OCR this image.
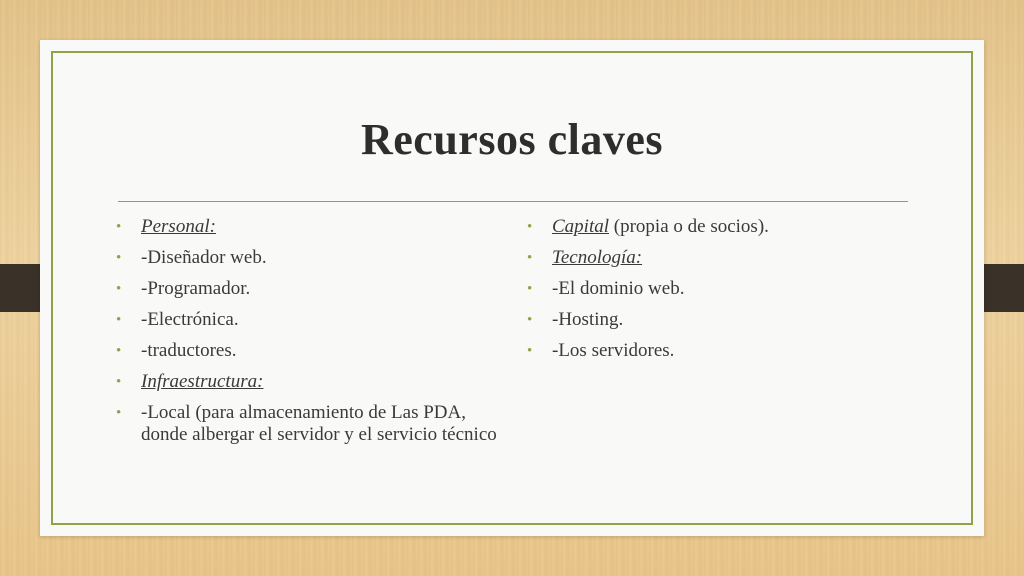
Recursos claves
• Personal:
• -Diseñador web.
• -Programador.
• -Electrónica.
• -traductores.
• Infraestructura:
• -Local (para almacenamiento de Las PDA, donde albergar el servidor y el servicio técnico
• Capital (propia o de socios).
• Tecnología:
• -El dominio web.
• -Hosting.
• -Los servidores.
